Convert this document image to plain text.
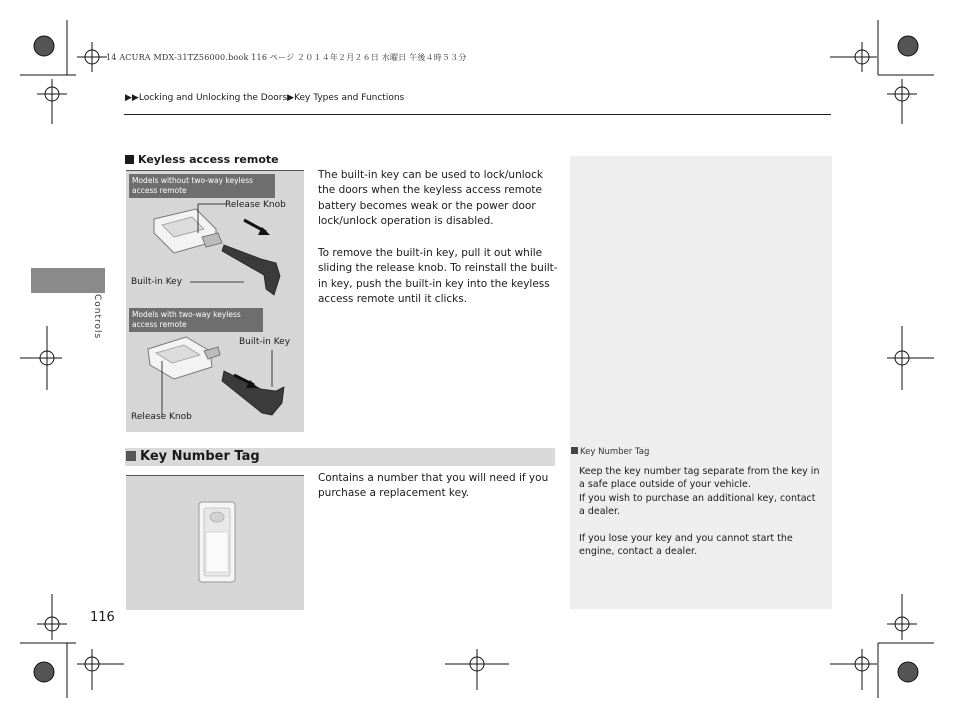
14 ACURA MDX-31TZ56000.book 116 ページ ２０１４年２月２６日 水曜日 午後４時５３分
▶▶Locking and Unlocking the Doors▶Key Types and Functions
Controls
Keyless access remote
Models without two-way keyless access remote
Release Knob
Built-in Key
Models with two-way keyless access remote
Built-in Key
Release Knob
The built-in key can be used to lock/unlock the doors when the keyless access remote battery becomes weak or the power door lock/unlock operation is disabled.
To remove the built-in key, pull it out while sliding the release knob. To reinstall the built-in key, push the built-in key into the keyless access remote until it clicks.
Key Number Tag
Contains a number that you will need if you purchase a replacement key.
Key Number Tag
Keep the key number tag separate from the key in a safe place outside of your vehicle.
If you wish to purchase an additional key, contact a dealer.
If you lose your key and you cannot start the engine, contact a dealer.
116
